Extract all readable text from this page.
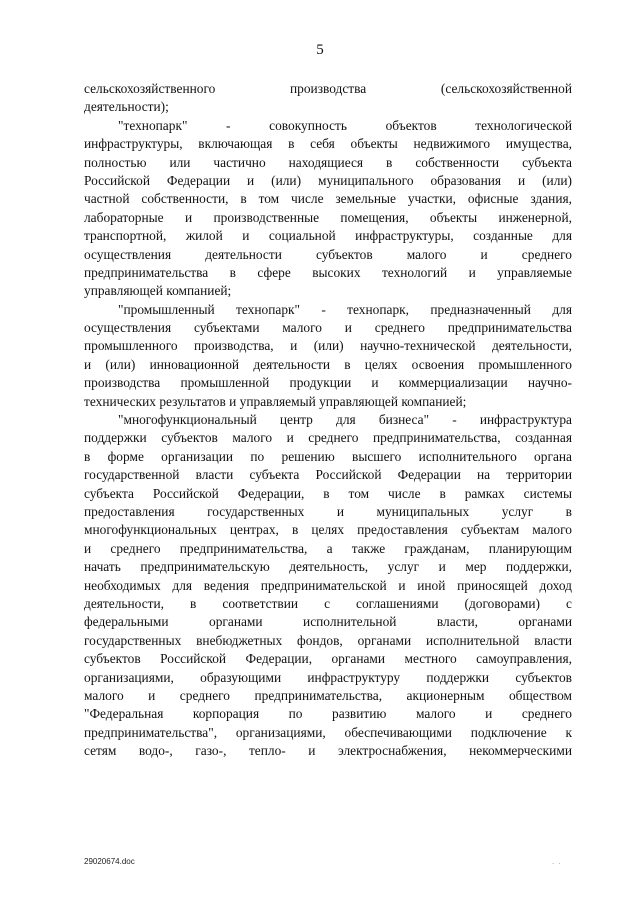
5
сельскохозяйственного производства (сельскохозяйственной
деятельности);
"технопарк" - совокупность объектов технологической
инфраструктуры, включающая в себя объекты недвижимого имущества,
полностью или частично находящиеся в собственности субъекта
Российской Федерации и (или) муниципального образования и (или)
частной собственности, в том числе земельные участки, офисные здания,
лабораторные и производственные помещения, объекты инженерной,
транспортной, жилой и социальной инфраструктуры, созданные для
осуществления деятельности субъектов малого и среднего
предпринимательства в сфере высоких технологий и управляемые
управляющей компанией;
"промышленный технопарк" - технопарк, предназначенный для
осуществления субъектами малого и среднего предпринимательства
промышленного производства, и (или) научно-технической деятельности,
и (или) инновационной деятельности в целях освоения промышленного
производства промышленной продукции и коммерциализации научно-
технических результатов и управляемый управляющей компанией;
"многофункциональный центр для бизнеса" - инфраструктура
поддержки субъектов малого и среднего предпринимательства, созданная
в форме организации по решению высшего исполнительного органа
государственной власти субъекта Российской Федерации на территории
субъекта Российской Федерации, в том числе в рамках системы
предоставления государственных и муниципальных услуг в
многофункциональных центрах, в целях предоставления субъектам малого
и среднего предпринимательства, а также гражданам, планирующим
начать предпринимательскую деятельность, услуг и мер поддержки,
необходимых для ведения предпринимательской и иной приносящей доход
деятельности, в соответствии с соглашениями (договорами) с
федеральными органами исполнительной власти, органами
государственных внебюджетных фондов, органами исполнительной власти
субъектов Российской Федерации, органами местного самоуправления,
организациями, образующими инфраструктуру поддержки субъектов
малого и среднего предпринимательства, акционерным обществом
"Федеральная корпорация по развитию малого и среднего
предпринимательства", организациями, обеспечивающими подключение к
сетям водо-, газо-, тепло- и электроснабжения, некоммерческими
29020674.doc	. .
